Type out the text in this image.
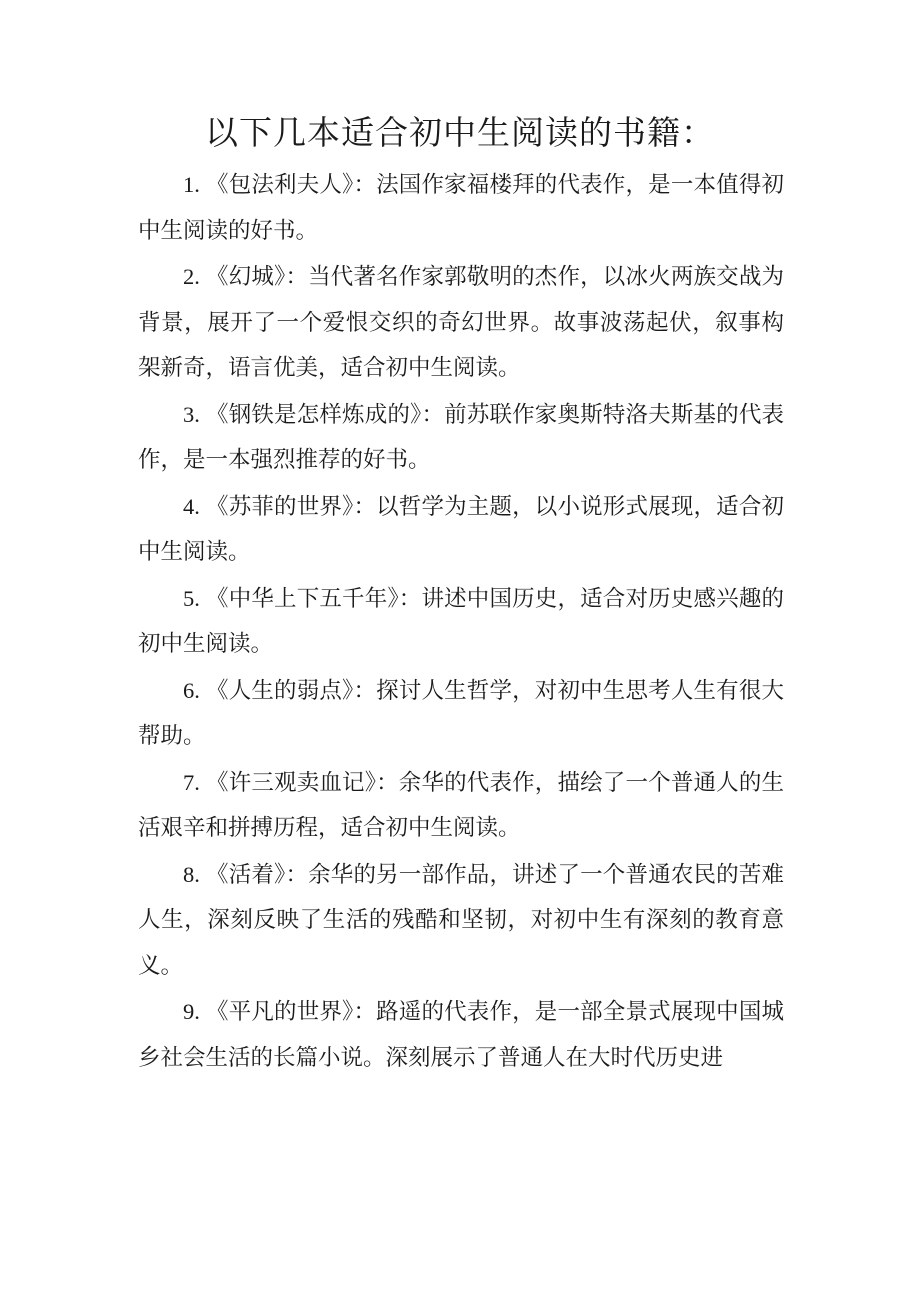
以下几本适合初中生阅读的书籍：
1. 《包法利夫人》：法国作家福楼拜的代表作，是一本值得初中生阅读的好书。
2. 《幻城》：当代著名作家郭敬明的杰作，以冰火两族交战为背景，展开了一个爱恨交织的奇幻世界。故事波荡起伏，叙事构架新奇，语言优美，适合初中生阅读。
3. 《钢铁是怎样炼成的》：前苏联作家奥斯特洛夫斯基的代表作，是一本强烈推荐的好书。
4. 《苏菲的世界》：以哲学为主题，以小说形式展现，适合初中生阅读。
5. 《中华上下五千年》：讲述中国历史，适合对历史感兴趣的初中生阅读。
6. 《人生的弱点》：探讨人生哲学，对初中生思考人生有很大帮助。
7. 《许三观卖血记》：余华的代表作，描绘了一个普通人的生活艰辛和拼搏历程，适合初中生阅读。
8. 《活着》：余华的另一部作品，讲述了一个普通农民的苦难人生，深刻反映了生活的残酷和坚韧，对初中生有深刻的教育意义。
9. 《平凡的世界》：路遥的代表作，是一部全景式展现中国城乡社会生活的长篇小说。深刻展示了普通人在大时代历史进
